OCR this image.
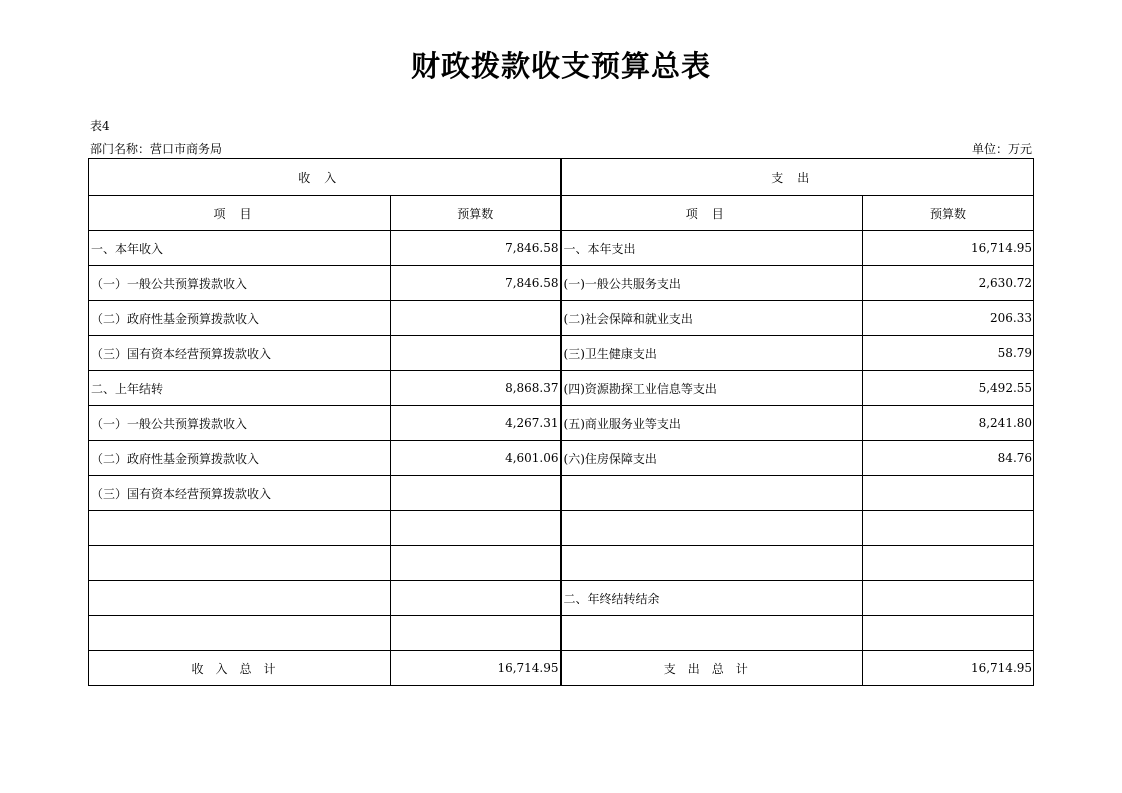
财政拨款收支预算总表
表4
部门名称：营口市商务局	单位：万元
收入		支出	
项目	预算数	项目	预算数
一、本年收入	7,846.58	一、本年支出	16,714.95
（一）一般公共预算拨款收入	7,846.58	(一)一般公共服务支出	2,630.72
（二）政府性基金预算拨款收入		(二)社会保障和就业支出	206.33
（三）国有资本经营预算拨款收入		(三)卫生健康支出	58.79
二、上年结转	8,868.37	(四)资源勘探工业信息等支出	5,492.55
（一）一般公共预算拨款收入	4,267.31	(五)商业服务业等支出	8,241.80
（二）政府性基金预算拨款收入	4,601.06	(六)住房保障支出	84.76
（三）国有资本经营预算拨款收入			

		二、年终结转结余	

收入总计	16,714.95	支出总计	16,714.95
